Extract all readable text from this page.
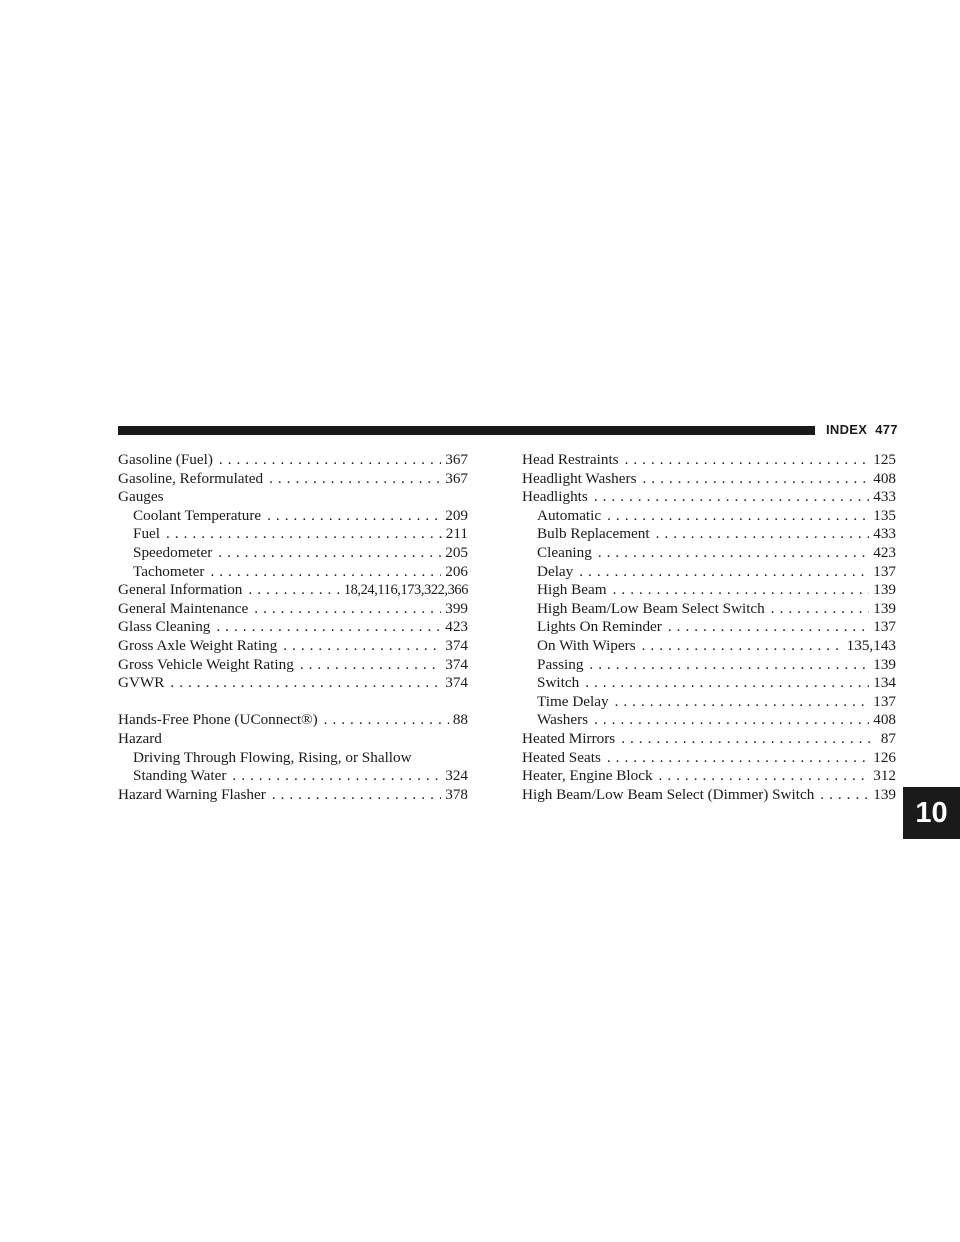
INDEX 477
Gasoline (Fuel) . . .	367
Gasoline, Reformulated . . .	367
Gauges
Coolant Temperature . . .	209
Fuel . . .	211
Speedometer . . .	205
Tachometer . . .	206
General Information . . .	18,24,116,173,322,366
General Maintenance . . .	399
Glass Cleaning . . .	423
Gross Axle Weight Rating . . .	374
Gross Vehicle Weight Rating . . .	374
GVWR . . .	374
Hands-Free Phone (UConnect®) . . .	88
Hazard
Driving Through Flowing, Rising, or Shallow
Standing Water . . .	324
Hazard Warning Flasher . . .	378
Head Restraints . . .	125
Headlight Washers . . .	408
Headlights . . .	433
Automatic . . .	135
Bulb Replacement . . .	433
Cleaning . . .	423
Delay . . .	137
High Beam . . .	139
High Beam/Low Beam Select Switch . . .	139
Lights On Reminder . . .	137
On With Wipers . . .	135,143
Passing . . .	139
Switch . . .	134
Time Delay . . .	137
Washers . . .	408
Heated Mirrors . . .	87
Heated Seats . . .	126
Heater, Engine Block . . .	312
High Beam/Low Beam Select (Dimmer) Switch . . .	139
10
